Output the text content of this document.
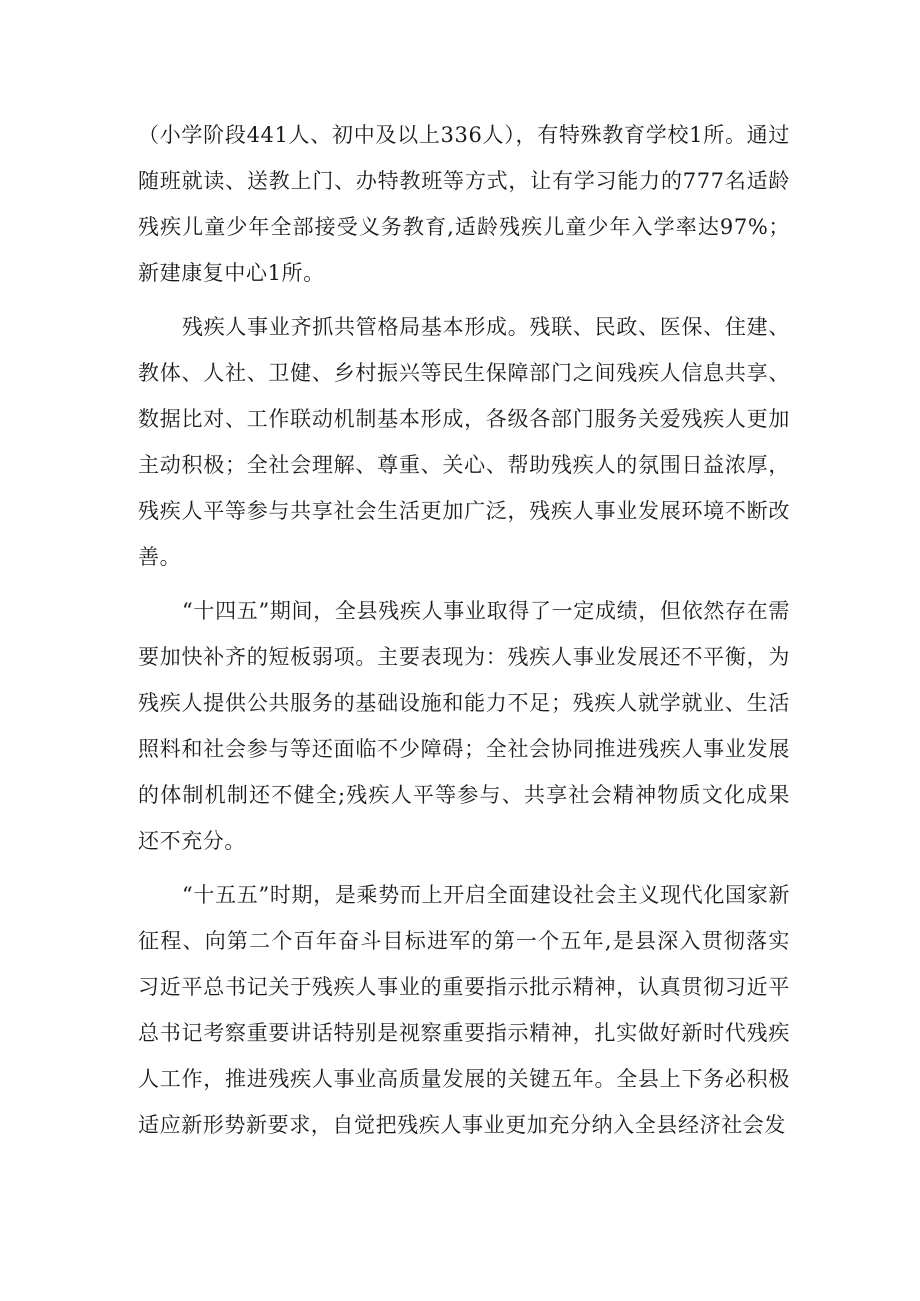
（小学阶段441人、初中及以上336人），有特殊教育学校1所。通过随班就读、送教上门、办特教班等方式，让有学习能力的777名适龄残疾儿童少年全部接受义务教育,适龄残疾儿童少年入学率达97%；新建康复中心1所。

残疾人事业齐抓共管格局基本形成。残联、民政、医保、住建、教体、人社、卫健、乡村振兴等民生保障部门之间残疾人信息共享、数据比对、工作联动机制基本形成，各级各部门服务关爱残疾人更加主动积极；全社会理解、尊重、关心、帮助残疾人的氛围日益浓厚，残疾人平等参与共享社会生活更加广泛，残疾人事业发展环境不断改善。

“十四五”期间，全县残疾人事业取得了一定成绩，但依然存在需要加快补齐的短板弱项。主要表现为：残疾人事业发展还不平衡，为残疾人提供公共服务的基础设施和能力不足；残疾人就学就业、生活照料和社会参与等还面临不少障碍；全社会协同推进残疾人事业发展的体制机制还不健全;残疾人平等参与、共享社会精神物质文化成果还不充分。

“十五五”时期，是乘势而上开启全面建设社会主义现代化国家新征程、向第二个百年奋斗目标进军的第一个五年,是县深入贯彻落实习近平总书记关于残疾人事业的重要指示批示精神，认真贯彻习近平总书记考察重要讲话特别是视察重要指示精神，扎实做好新时代残疾人工作，推进残疾人事业高质量发展的关键五年。全县上下务必积极适应新形势新要求，自觉把残疾人事业更加充分纳入全县经济社会发
